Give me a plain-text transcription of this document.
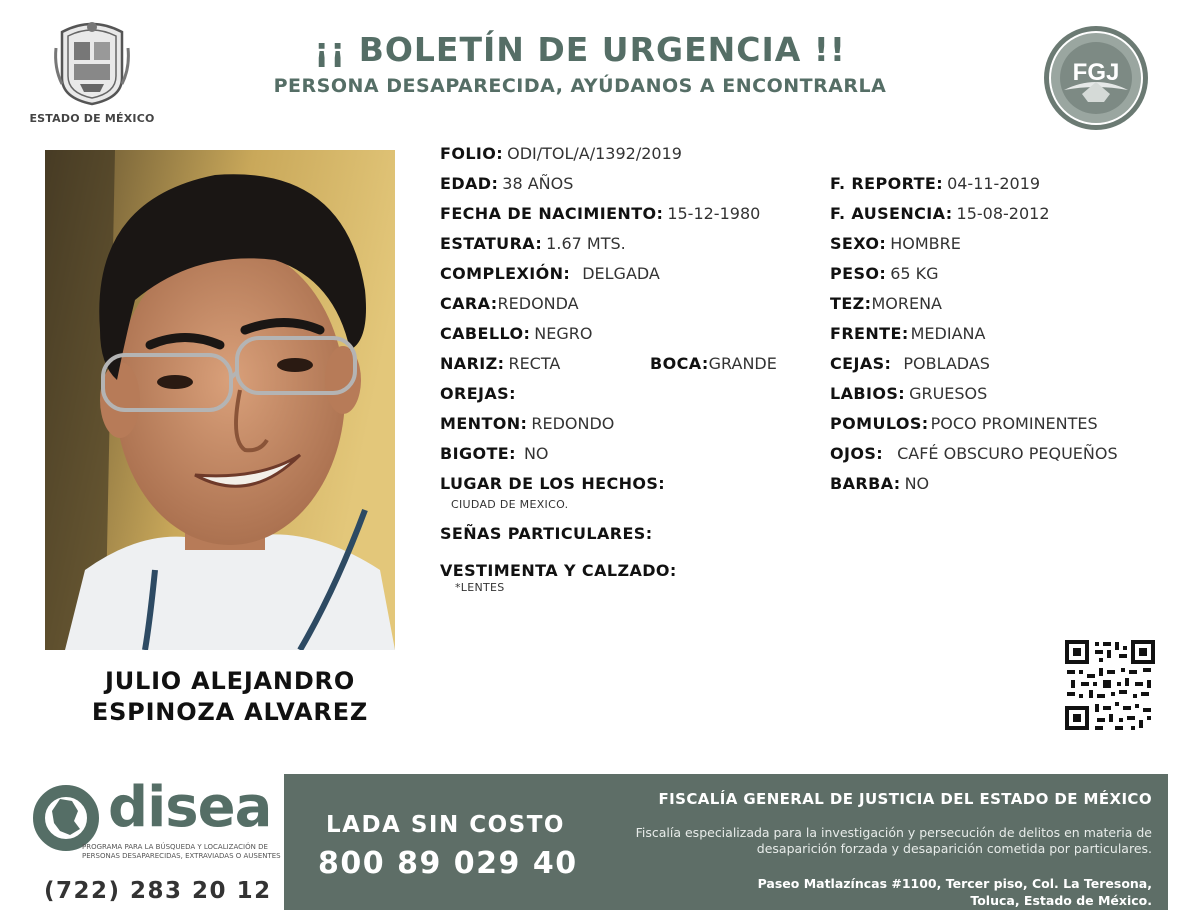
ESTADO DE MÉXICO
¡¡ BOLETÍN DE URGENCIA !!
PERSONA DESAPARECIDA, AYÚDANOS A ENCONTRARLA	FGJ
JULIO ALEJANDRO
ESPINOZA ALVAREZ
FOLIO: ODI/TOL/A/1392/2019
EDAD: 38 AÑOS	F. REPORTE: 04-11-2019
FECHA DE NACIMIENTO: 15-12-1980	F. AUSENCIA: 15-08-2012
ESTATURA: 1.67 MTS.	SEXO: HOMBRE
COMPLEXIÓN: DELGADA	PESO: 65 KG
CARA:REDONDA	TEZ:MORENA
CABELLO: NEGRO	FRENTE: MEDIANA
NARIZ: RECTA	BOCA:GRANDE	CEJAS: POBLADAS
OREJAS:	LABIOS: GRUESOS
MENTON: REDONDO	POMULOS: POCO PROMINENTES
BIGOTE: NO	OJOS: CAFÉ OBSCURO PEQUEÑOS
LUGAR DE LOS HECHOS:
CIUDAD DE MEXICO.
BARBA: NO
SEÑAS PARTICULARES:
VESTIMENTA Y CALZADO:
*LENTES
disea
PROGRAMA PARA LA BÚSQUEDA Y LOCALIZACIÓN DE PERSONAS DESAPARECIDAS, EXTRAVIADAS O AUSENTES
(722) 283 20 12
LADA SIN COSTO
800 89 029 40
FISCALÍA GENERAL DE JUSTICIA DEL ESTADO DE MÉXICO
Fiscalía especializada para la investigación y persecución de delitos en materia de desaparición forzada y desaparición cometida por particulares.
Paseo Matlazíncas #1100, Tercer piso, Col. La Teresona,
Toluca, Estado de México.
